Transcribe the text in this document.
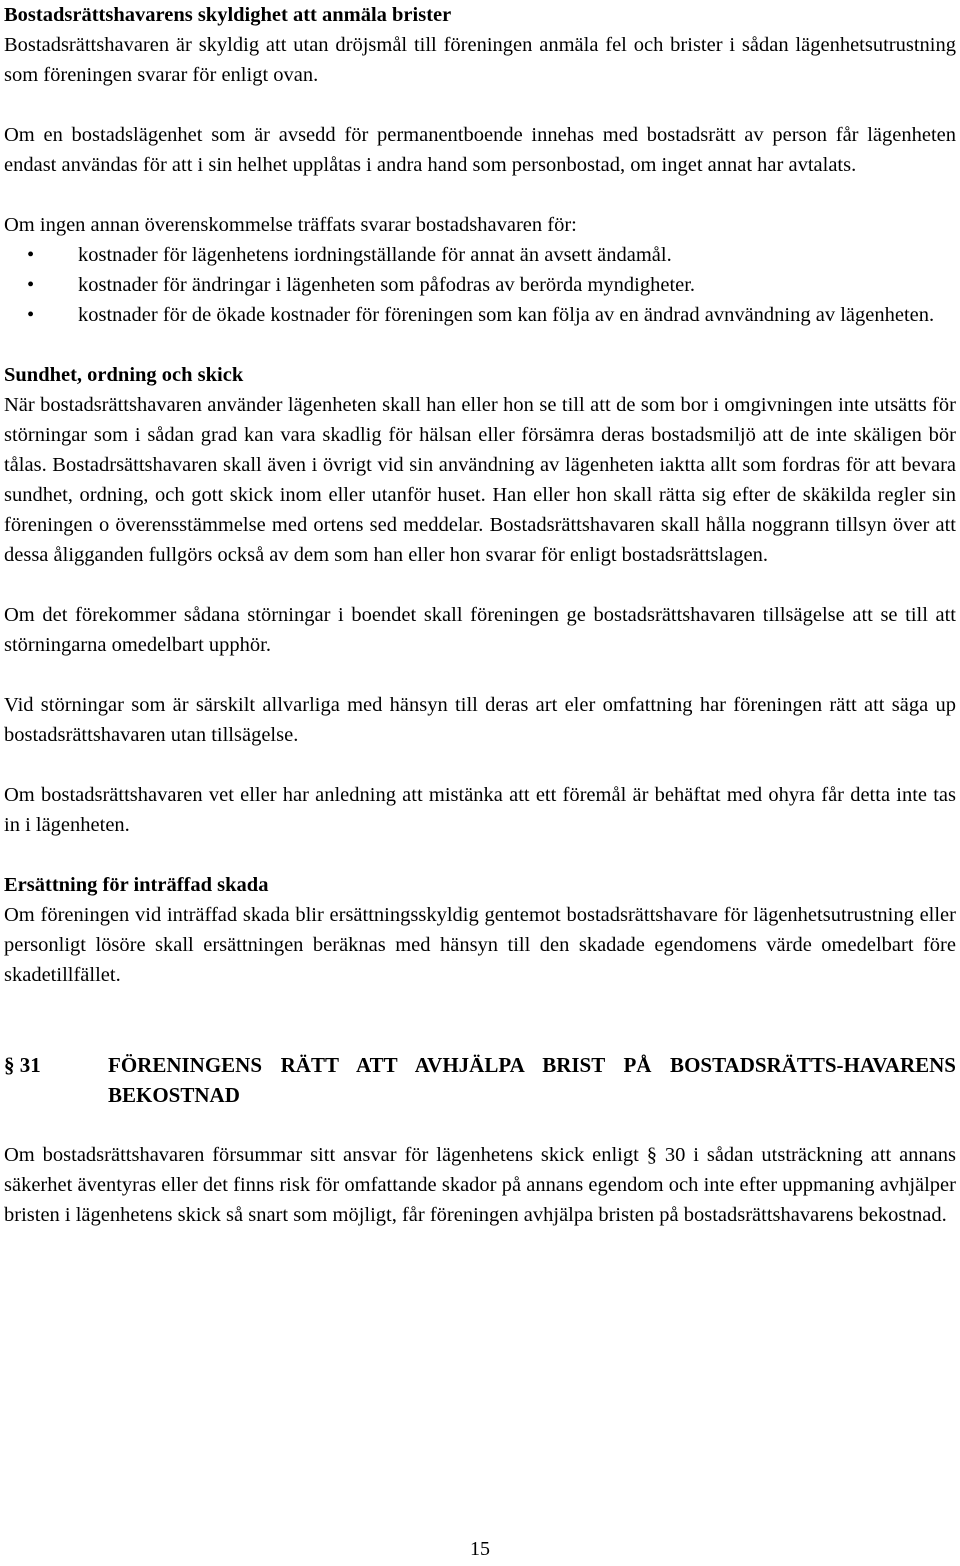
Bostadsrättshavarens skyldighet att anmäla brister

Bostadsrättshavaren är skyldig att utan dröjsmål till föreningen anmäla fel och brister i sådan lägenhetsutrustning som föreningen svarar för enligt ovan.

Om en bostadslägenhet som är avsedd för permanentboende innehas med bostadsrätt av person får lägenheten endast användas för att i sin helhet upplåtas i andra hand som personbostad, om inget annat har avtalats.

Om ingen annan överenskommelse träffats svarar bostadshavaren för:

• kostnader för lägenhetens iordningställande för annat än avsett ändamål.
• kostnader för ändringar i lägenheten som påfodras av berörda myndigheter.
• kostnader för de ökade kostnader för föreningen som kan följa av en ändrad avnvändning av lägenheten.

Sundhet, ordning och skick

När bostadsrättshavaren använder lägenheten skall han eller hon se till att de som bor i omgivningen inte utsätts för störningar som i sådan grad kan vara skadlig för hälsan eller försämra deras bostadsmiljö att de inte skäligen bör tålas. Bostadrsättshavaren skall även i övrigt vid sin användning av lägenheten iaktta allt som fordras för att bevara sundhet, ordning, och gott skick inom eller utanför huset. Han eller hon skall rätta sig efter de skäkilda regler sin föreningen o överensstämmelse med ortens sed meddelar. Bostadsrättshavaren skall hålla noggrann tillsyn över att dessa åligganden fullgörs också av dem som han eller hon svarar för enligt bostadsrättslagen.

Om det förekommer sådana störningar i boendet skall föreningen ge bostadsrättshavaren tillsägelse att se till att störningarna omedelbart upphör.

Vid störningar som är särskilt allvarliga med hänsyn till deras art eler omfattning har föreningen rätt att säga up bostadsrättshavaren utan tillsägelse.

Om bostadsrättshavaren vet eller har anledning att mistänka att ett föremål är behäftat med ohyra får detta inte tas in i lägenheten.

Ersättning för inträffad skada

Om föreningen vid inträffad skada blir ersättningsskyldig gentemot bostadsrättshavare för lägenhetsutrustning eller personligt lösöre skall ersättningen beräknas med hänsyn till den skadade egendomens värde omedelbart före skadetillfället.

§ 31	FÖRENINGENS RÄTT ATT AVHJÄLPA BRIST PÅ BOSTADSRÄTTS-HAVARENS BEKOSTNAD

Om bostadsrättshavaren försummar sitt ansvar för lägenhetens skick enligt § 30 i sådan utsträckning att annans säkerhet äventyras eller det finns risk för omfattande skador på annans egendom och inte efter uppmaning avhjälper bristen i lägenhetens skick så snart som möjligt, får föreningen avhjälpa bristen på bostadsrättshavarens bekostnad.

15
